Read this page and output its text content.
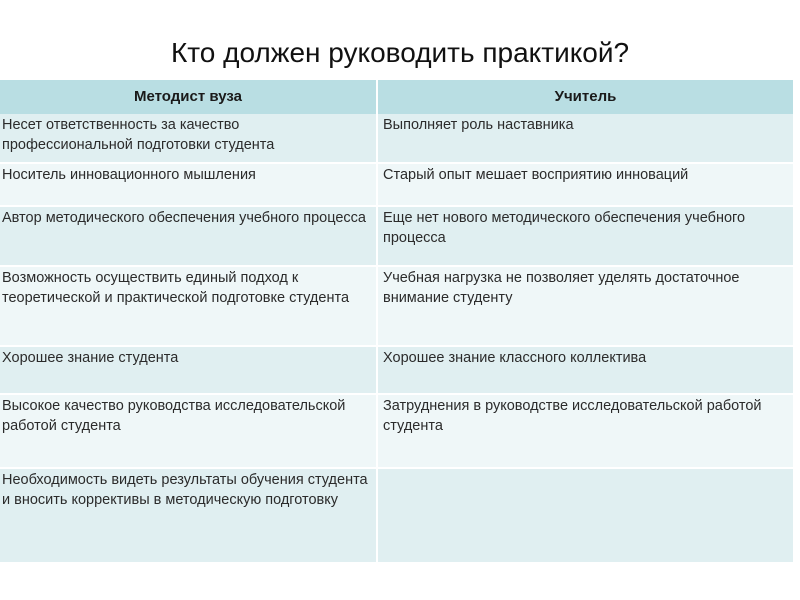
Кто должен руководить практикой?
Методист вуза	Учитель
Несет ответственность за качество профессиональной подготовки студента	Выполняет роль наставника
Носитель инновационного мышления	Старый опыт мешает восприятию инноваций
Автор методического обеспечения учебного процесса	Еще нет нового методического обеспечения учебного процесса
Возможность осуществить единый подход к теоретической и практической подготовке студента	Учебная нагрузка не позволяет уделять достаточное внимание студенту
Хорошее знание студента	Хорошее знание классного коллектива
Высокое качество руководства исследовательской работой студента	Затруднения в руководстве исследовательской работой студента
Необходимость видеть результаты обучения студента и вносить коррективы в методическую подготовку	
